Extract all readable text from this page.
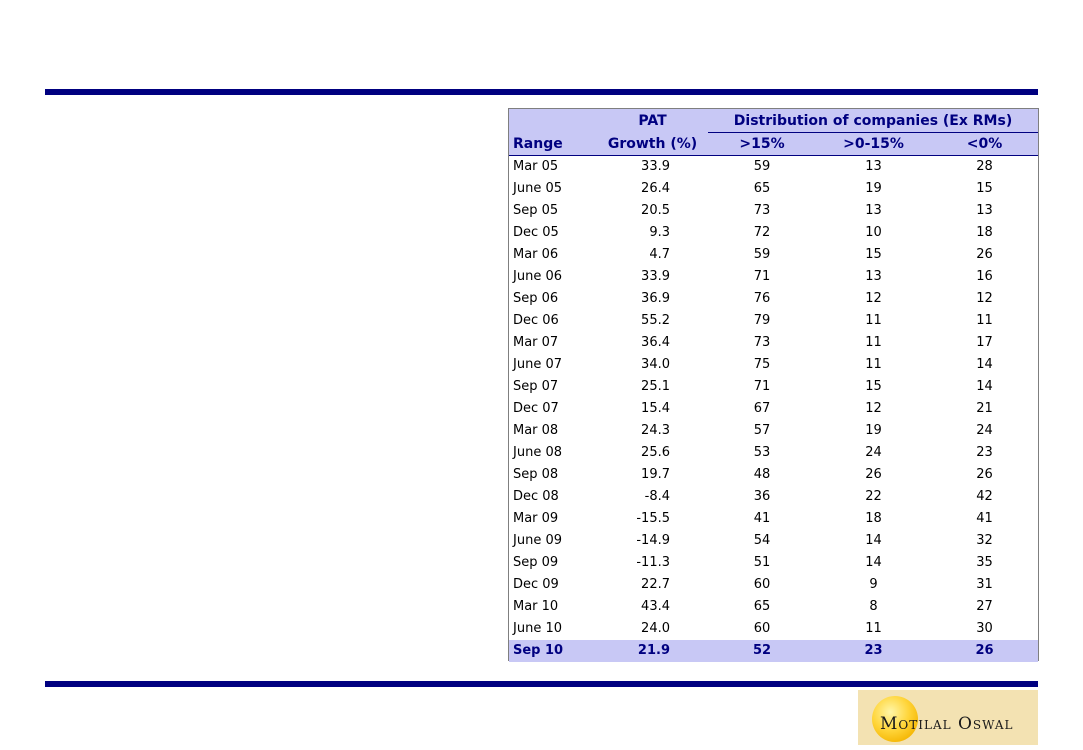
	PAT	Distribution of companies (Ex RMs)		
Range	Growth (%)	>15%	>0-15%	<0%
Mar 05	33.9	59	13	28
June 05	26.4	65	19	15
Sep 05	20.5	73	13	13
Dec 05	9.3	72	10	18
Mar 06	4.7	59	15	26
June 06	33.9	71	13	16
Sep 06	36.9	76	12	12
Dec 06	55.2	79	11	11
Mar 07	36.4	73	11	17
June 07	34.0	75	11	14
Sep 07	25.1	71	15	14
Dec 07	15.4	67	12	21
Mar 08	24.3	57	19	24
June 08	25.6	53	24	23
Sep 08	19.7	48	26	26
Dec 08	-8.4	36	22	42
Mar 09	-15.5	41	18	41
June 09	-14.9	54	14	32
Sep 09	-11.3	51	14	35
Dec 09	22.7	60	9	31
Mar 10	43.4	65	8	27
June 10	24.0	60	11	30
Sep 10	21.9	52	23	26
Motilal Oswal
